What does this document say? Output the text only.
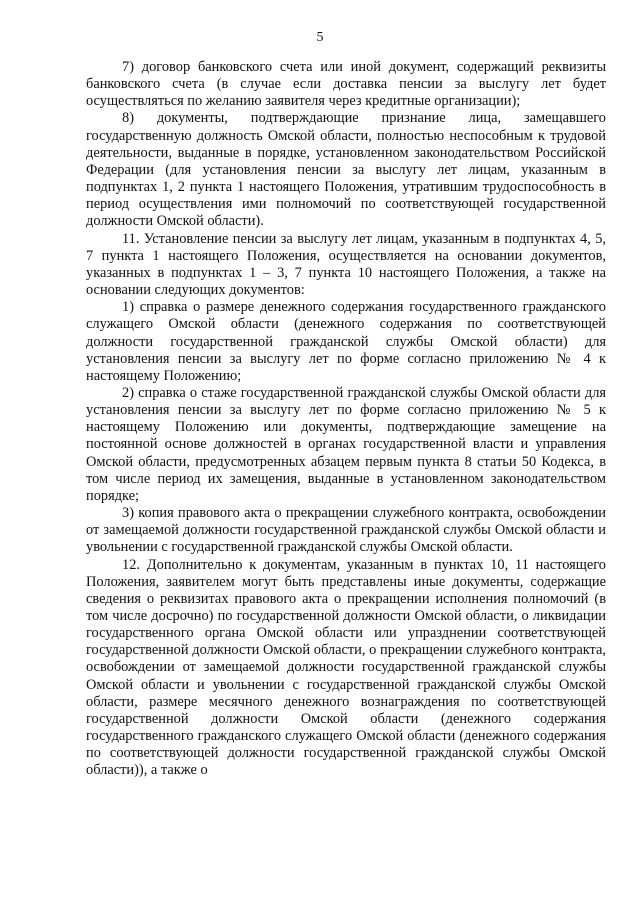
5

7) договор банковского счета или иной документ, содержащий реквизиты банковского счета (в случае если доставка пенсии за выслугу лет будет осуществляться по желанию заявителя через кредитные организации);

8) документы, подтверждающие признание лица, замещавшего государственную должность Омской области, полностью неспособным к трудовой деятельности, выданные в порядке, установленном законодательством Российской Федерации (для установления пенсии за выслугу лет лицам, указанным в подпунктах 1, 2 пункта 1 настоящего Положения, утратившим трудоспособность в период осуществления ими полномочий по соответствующей государственной должности Омской области).

11. Установление пенсии за выслугу лет лицам, указанным в подпунктах 4, 5, 7 пункта 1 настоящего Положения, осуществляется на основании документов, указанных в подпунктах 1 – 3, 7 пункта 10 настоящего Положения, а также на основании следующих документов:

1) справка о размере денежного содержания государственного гражданского служащего Омской области (денежного содержания по соответствующей должности государственной гражданской службы Омской области) для установления пенсии за выслугу лет по форме согласно приложению № 4 к настоящему Положению;

2) справка о стаже государственной гражданской службы Омской области для установления пенсии за выслугу лет по форме согласно приложению № 5 к настоящему Положению или документы, подтверждающие замещение на постоянной основе должностей в органах государственной власти и управления Омской области, предусмотренных абзацем первым пункта 8 статьи 50 Кодекса, в том числе период их замещения, выданные в установленном законодательством порядке;

3) копия правового акта о прекращении служебного контракта, освобождении от замещаемой должности государственной гражданской службы Омской области и увольнении с государственной гражданской службы Омской области.

12. Дополнительно к документам, указанным в пунктах 10, 11 настоящего Положения, заявителем могут быть представлены иные документы, содержащие сведения о реквизитах правового акта о прекращении исполнения полномочий (в том числе досрочно) по государственной должности Омской области, о ликвидации государственного органа Омской области или упразднении соответствующей государственной должности Омской области, о прекращении служебного контракта, освобождении от замещаемой должности государственной гражданской службы Омской области и увольнении с государственной гражданской службы Омской области, размере месячного денежного вознаграждения по соответствующей государственной должности Омской области (денежного содержания государственного гражданского служащего Омской области (денежного содержания по соответствующей должности государственной гражданской службы Омской области)), а также о
